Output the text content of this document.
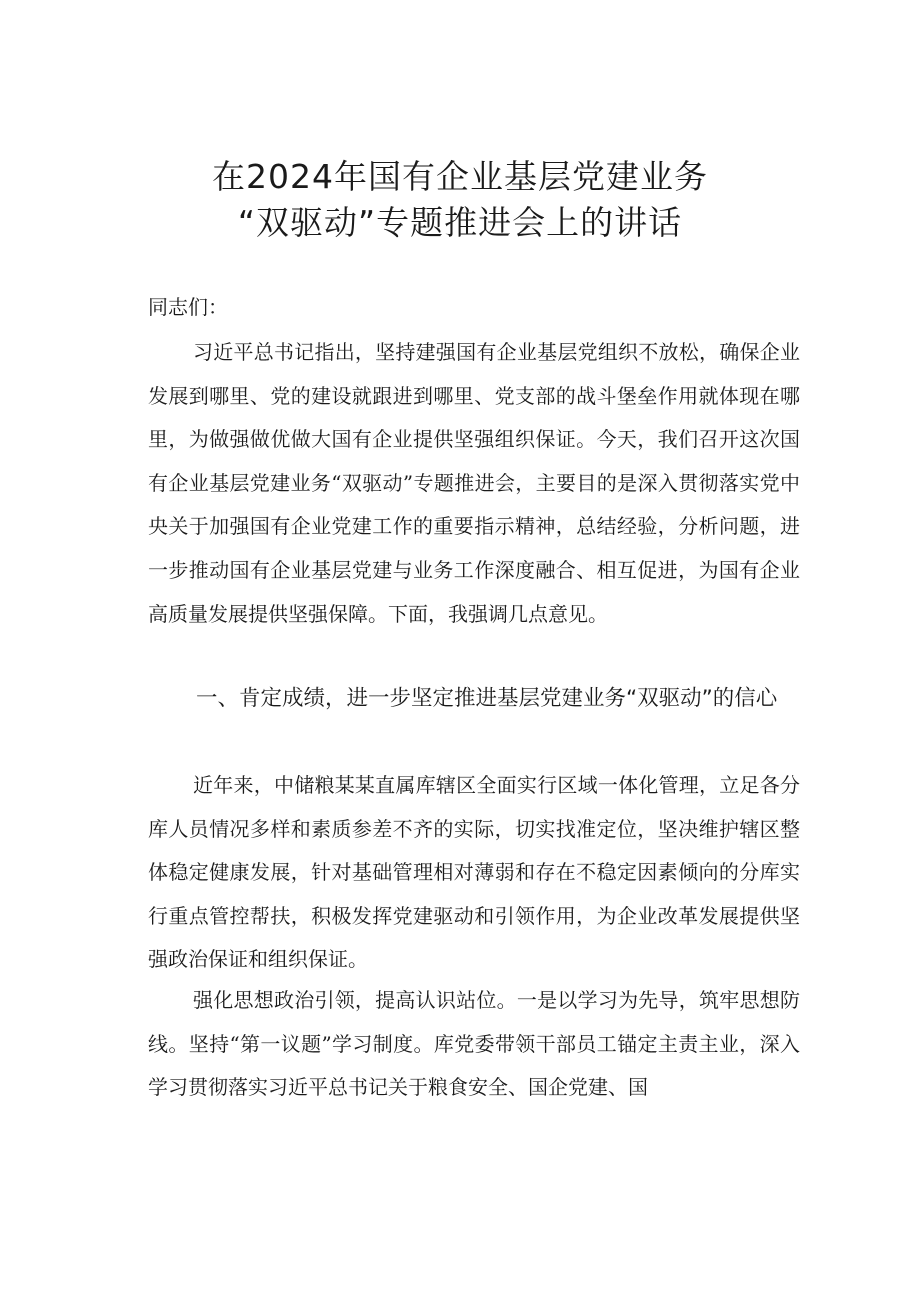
在2024年国有企业基层党建业务
“双驱动”专题推进会上的讲话
同志们：

习近平总书记指出，坚持建强国有企业基层党组织不放松，确保企业发展到哪里、党的建设就跟进到哪里、党支部的战斗堡垒作用就体现在哪里，为做强做优做大国有企业提供坚强组织保证。今天，我们召开这次国有企业基层党建业务“双驱动”专题推进会，主要目的是深入贯彻落实党中央关于加强国有企业党建工作的重要指示精神，总结经验，分析问题，进一步推动国有企业基层党建与业务工作深度融合、相互促进，为国有企业高质量发展提供坚强保障。下面，我强调几点意见。

一、肯定成绩，进一步坚定推进基层党建业务“双驱动”的信心

近年来，中储粮某某直属库辖区全面实行区域一体化管理，立足各分库人员情况多样和素质参差不齐的实际，切实找准定位，坚决维护辖区整体稳定健康发展，针对基础管理相对薄弱和存在不稳定因素倾向的分库实行重点管控帮扶，积极发挥党建驱动和引领作用，为企业改革发展提供坚强政治保证和组织保证。

强化思想政治引领，提高认识站位。一是以学习为先导，筑牢思想防线。坚持“第一议题”学习制度。库党委带领干部员工锚定主责主业，深入学习贯彻落实习近平总书记关于粮食安全、国企党建、国
